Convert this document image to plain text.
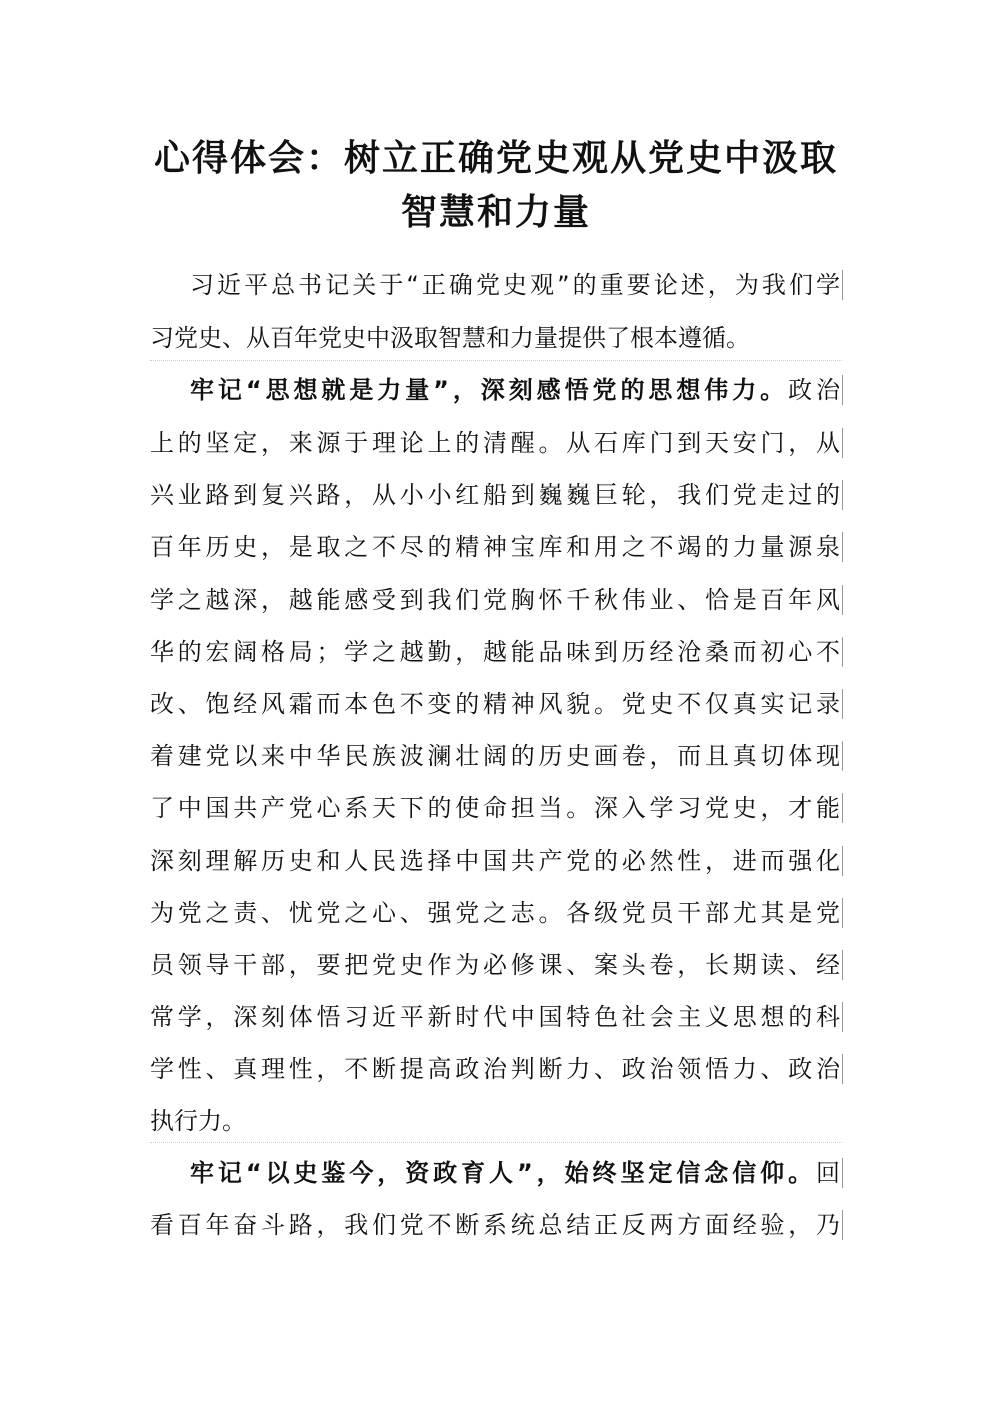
心得体会：树立正确党史观从党史中汲取
智慧和力量
习近平总书记关于“正确党史观”的重要论述，为我们学
习党史、从百年党史中汲取智慧和力量提供了根本遵循。
牢记“思想就是力量”，深刻感悟党的思想伟力。政治
上的坚定，来源于理论上的清醒。从石库门到天安门，从
兴业路到复兴路，从小小红船到巍巍巨轮，我们党走过的
百年历史，是取之不尽的精神宝库和用之不竭的力量源泉
学之越深，越能感受到我们党胸怀千秋伟业、恰是百年风
华的宏阔格局；学之越勤，越能品味到历经沧桑而初心不
改、饱经风霜而本色不变的精神风貌。党史不仅真实记录
着建党以来中华民族波澜壮阔的历史画卷，而且真切体现
了中国共产党心系天下的使命担当。深入学习党史，才能
深刻理解历史和人民选择中国共产党的必然性，进而强化
为党之责、忧党之心、强党之志。各级党员干部尤其是党
员领导干部，要把党史作为必修课、案头卷，长期读、经
常学，深刻体悟习近平新时代中国特色社会主义思想的科
学性、真理性，不断提高政治判断力、政治领悟力、政治
执行力。
牢记“以史鉴今，资政育人”，始终坚定信念信仰。回
看百年奋斗路，我们党不断系统总结正反两方面经验，乃
